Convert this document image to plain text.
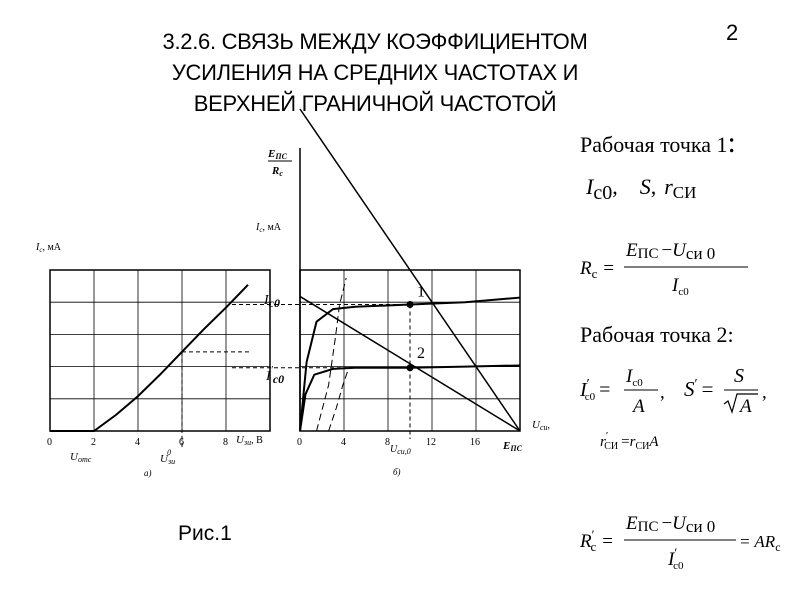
3.2.6. СВЯЗЬ МЕЖДУ КОЭФФИЦИЕНТОМ
УСИЛЕНИЯ НА СРЕДНИХ ЧАСТОТАХ И
ВЕРХНЕЙ ГРАНИЧНОЙ ЧАСТОТОЙ
2
Рабочая точка 1:
Рабочая точка 2:
Рис.1
0	2	4	6	8
$I_c$, мА
Uзи, В
Uотс	Uзи0
а)
1
2
0	4	8	12	16
EПС
Rc
$I_c$, мА
Ic0
I′c0
$U_{си,0}$	EПС
Uси,
б)
Ic0, S, rСИ
$R_c$ =
EПС −Uси 0
$I_{c0}$
I′ c0 =
$I_{c0}$
A
, S′ =
S
A
,
r′ СИ $=r_{СИ}A$
R′ c =
EПС −Uси 0
I′ c0
= $AR_c$
